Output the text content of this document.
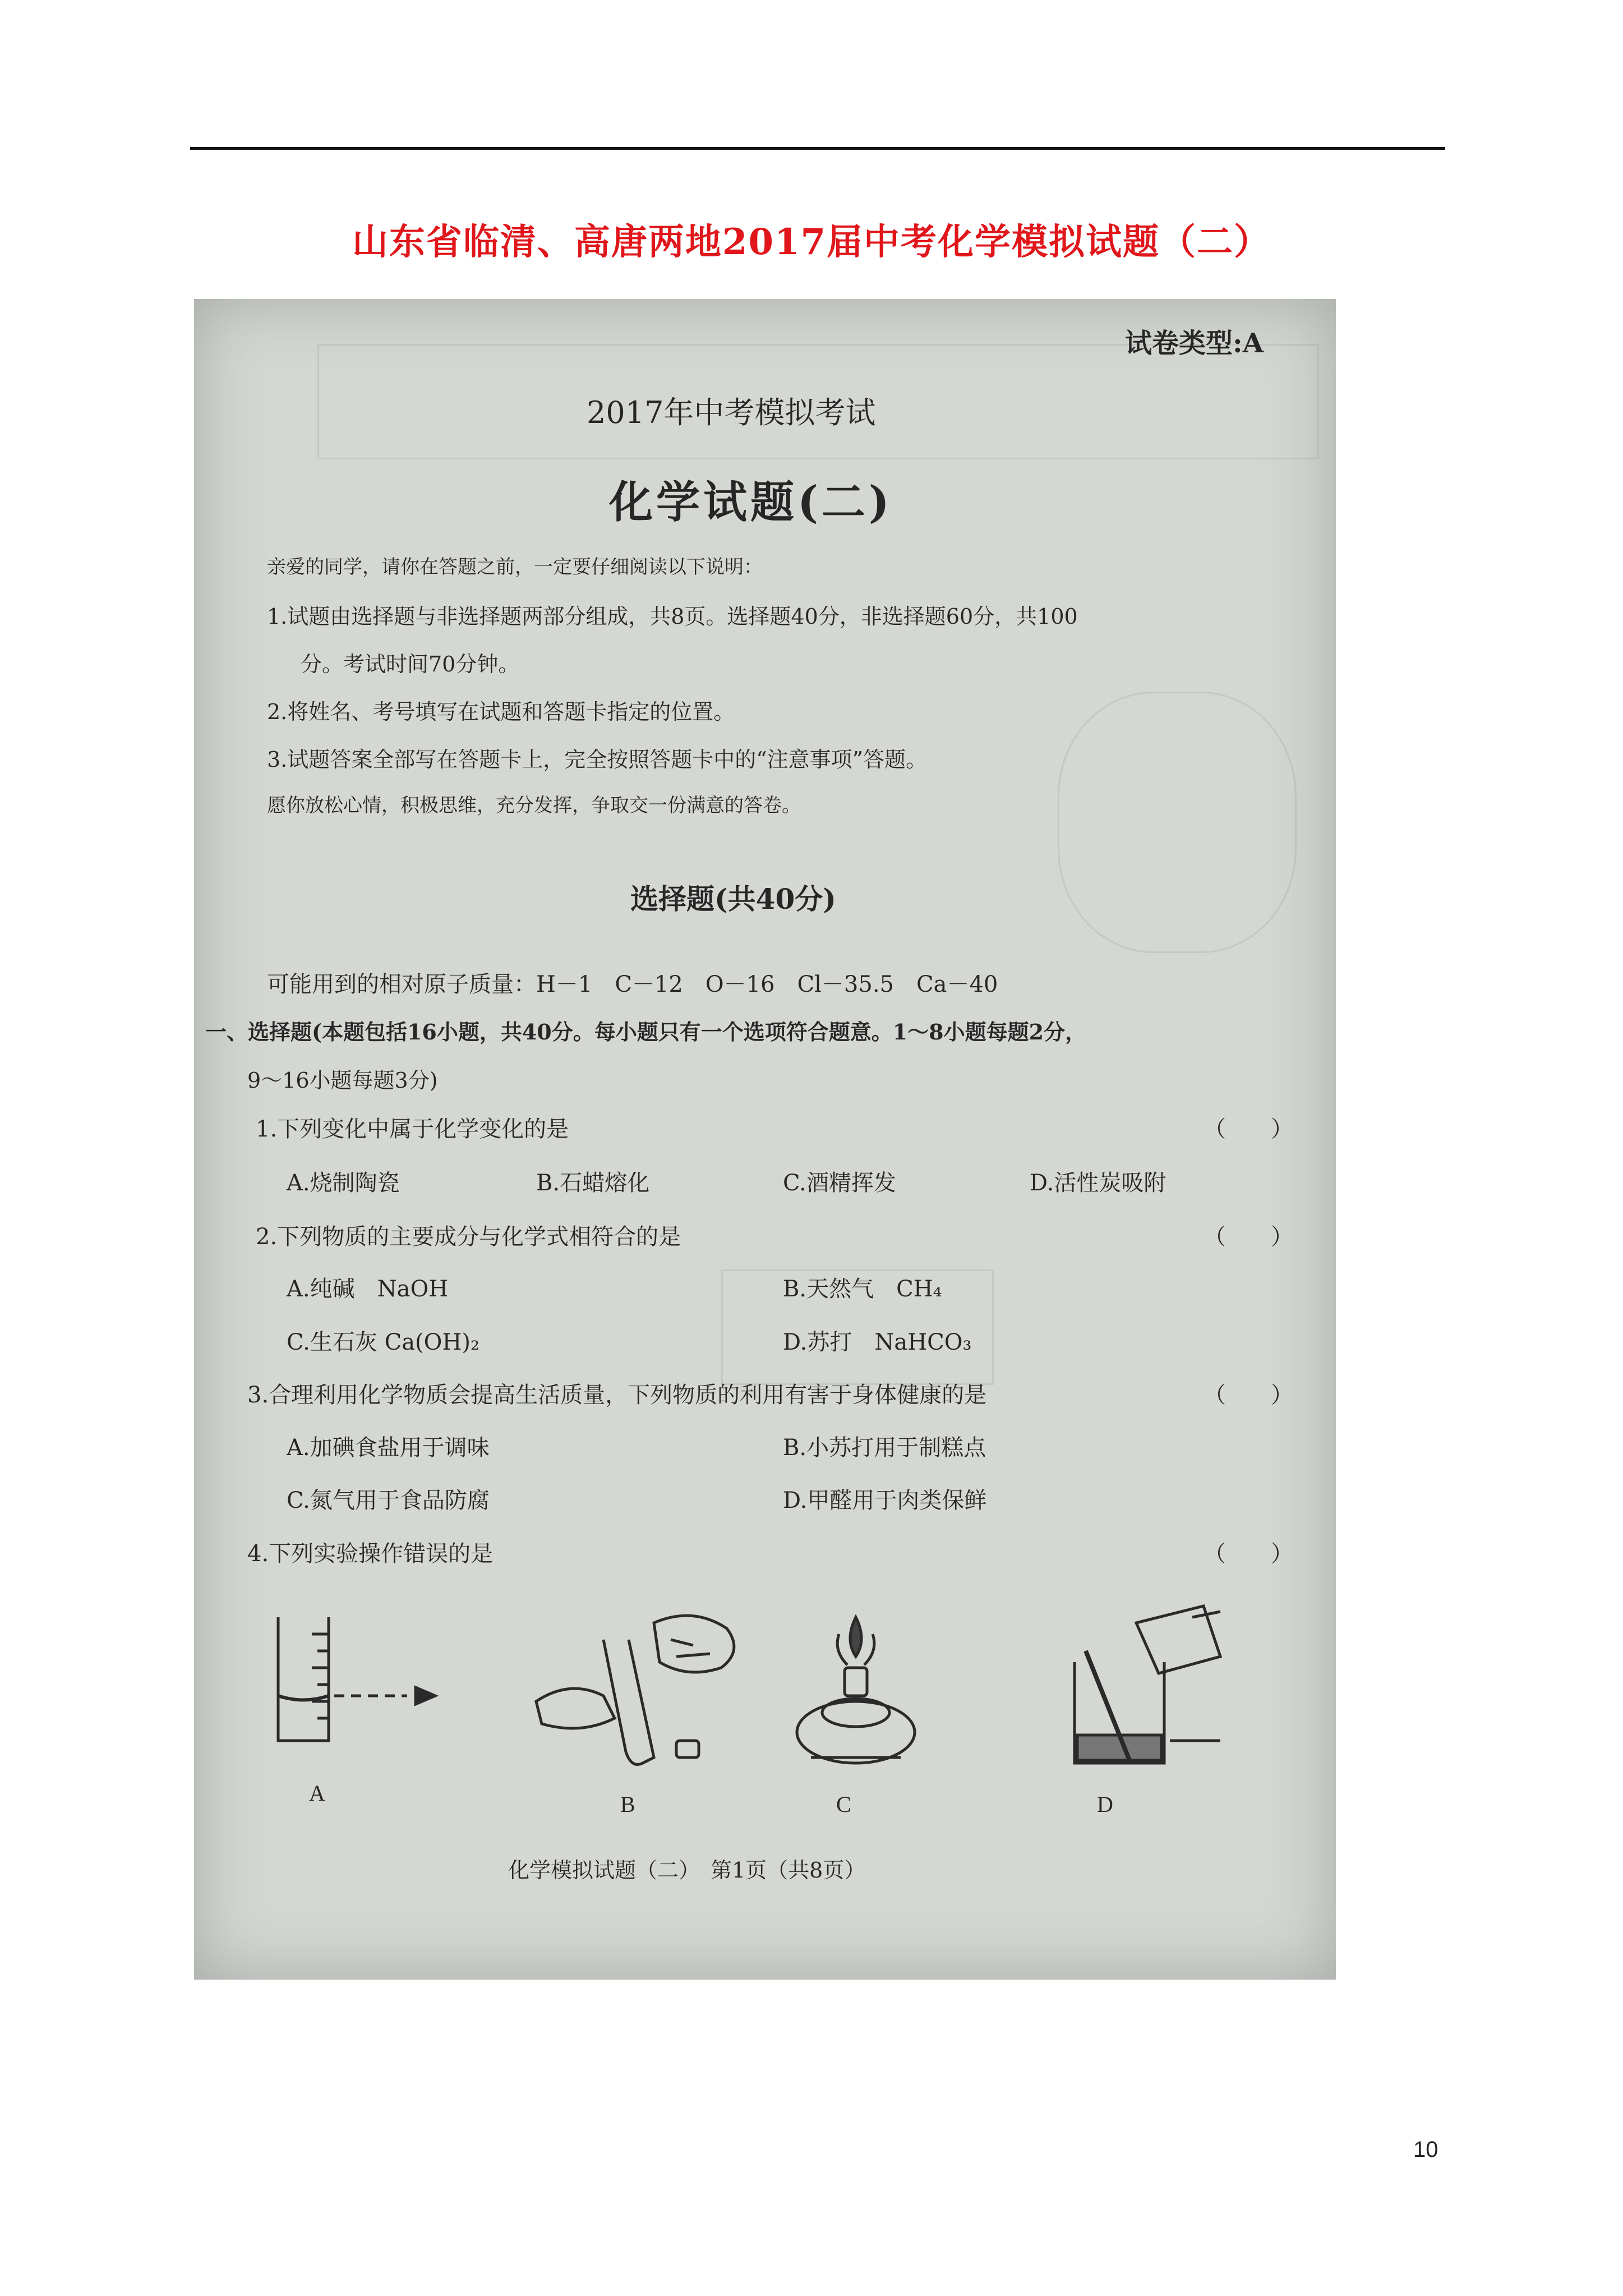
山东省临清、高唐两地2017届中考化学模拟试题（二）
试卷类型:A
2017年中考模拟考试
化学试题(二)
亲爱的同学，请你在答题之前，一定要仔细阅读以下说明：
1.试题由选择题与非选择题两部分组成，共8页。选择题40分，非选择题60分，共100
分。考试时间70分钟。
2.将姓名、考号填写在试题和答题卡指定的位置。
3.试题答案全部写在答题卡上，完全按照答题卡中的“注意事项”答题。
愿你放松心情，积极思维，充分发挥，争取交一份满意的答卷。
选择题(共40分)
可能用到的相对原子质量：H－1　C－12　O－16　Cl－35.5　Ca－40
一、选择题(本题包括16小题，共40分。每小题只有一个选项符合题意。1～8小题每题2分，
9～16小题每题3分)
1.下列变化中属于化学变化的是	（　　）
A.烧制陶瓷	B.石蜡熔化	C.酒精挥发	D.活性炭吸附
2.下列物质的主要成分与化学式相符合的是	（　　）
A.纯碱　NaOH	B.天然气　CH₄
C.生石灰 Ca(OH)₂	D.苏打　NaHCO₃
3.合理利用化学物质会提高生活质量，下列物质的利用有害于身体健康的是	（　　）
A.加碘食盐用于调味	B.小苏打用于制糕点
C.氮气用于食品防腐	D.甲醛用于肉类保鲜
4.下列实验操作错误的是	（　　）
A	B	C	D
化学模拟试题（二）　第1页（共8页）
10
